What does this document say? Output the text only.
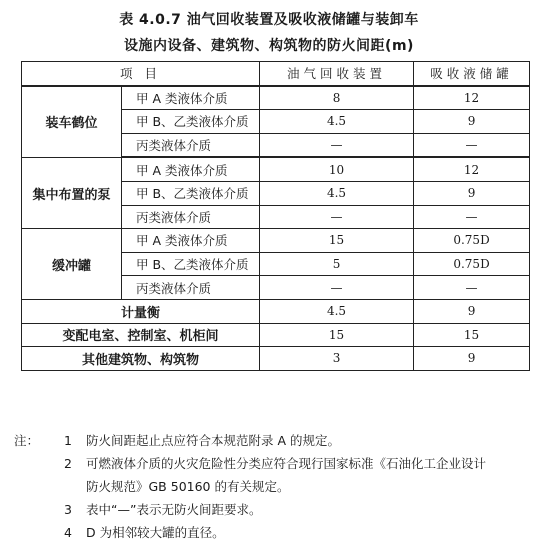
表 4.0.7 油气回收装置及吸收液储罐与装卸车
设施内设备、建筑物、构筑物的防火间距(m)
项 目		油气回收装置	吸收液储罐
装车鹤位	甲 A 类液体介质	8	12
	甲 B、乙类液体介质	4.5	9
	丙类液体介质	—	—
集中布置的泵	甲 A 类液体介质	10	12
	甲 B、乙类液体介质	4.5	9
	丙类液体介质	—	—
缓冲罐	甲 A 类液体介质	15	0.75D
	甲 B、乙类液体介质	5	0.75D
	丙类液体介质	—	—
计量衡		4.5	9
变配电室、控制室、机柜间		15	15
其他建筑物、构筑物		3	9
注：	1	防火间距起止点应符合本规范附录 A 的规定。
2	可燃液体介质的火灾危险性分类应符合现行国家标准《石油化工企业设计
防火规范》GB 50160 的有关规定。
3	表中“—”表示无防火间距要求。
4	D 为相邻较大罐的直径。
